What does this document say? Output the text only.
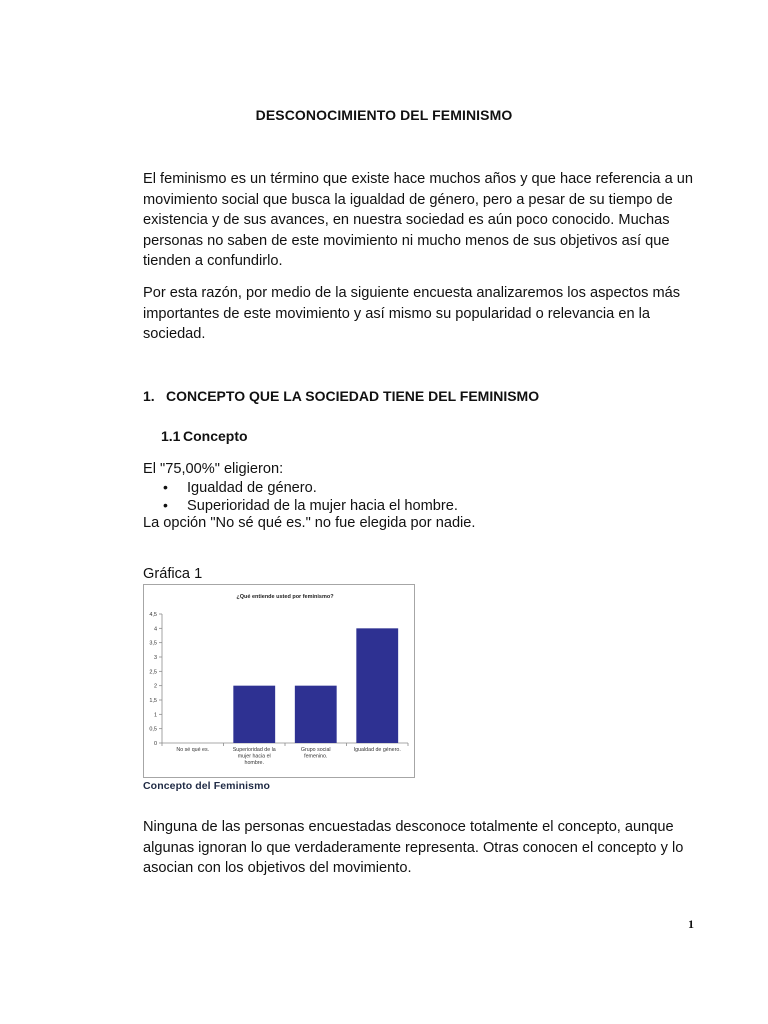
DESCONOCIMIENTO DEL FEMINISMO

El feminismo es un término que existe hace muchos años y que hace referencia a un movimiento social que busca la igualdad de género, pero a pesar de su tiempo de existencia y de sus avances, en nuestra sociedad es aún poco conocido. Muchas personas no saben de este movimiento ni mucho menos de sus objetivos así que tienden a confundirlo.

Por esta razón, por medio de la siguiente encuesta analizaremos los aspectos más importantes de este movimiento y así mismo su popularidad o relevancia en la sociedad.

1. CONCEPTO QUE LA SOCIEDAD TIENE DEL FEMINISMO
1.1 Concepto
El "75,00%" eligieron:
• Igualdad de género.
• Superioridad de la mujer hacia el hombre.
La opción "No sé qué es." no fue elegida por nadie.
Gráfica 1
¿Qué entiende usted por feminismo?
0
0,5
1
1,5
2
2,5
3
3,5
4
4,5
No sé qué es.	Superioridad de la
mujer hacia el
hombre.
Grupo social
femenino.
Igualdad de género.
Concepto del Feminismo

Ninguna de las personas encuestadas desconoce totalmente el concepto, aunque algunas ignoran lo que verdaderamente representa. Otras conocen el concepto y lo asocian con los objetivos del movimiento.

1
